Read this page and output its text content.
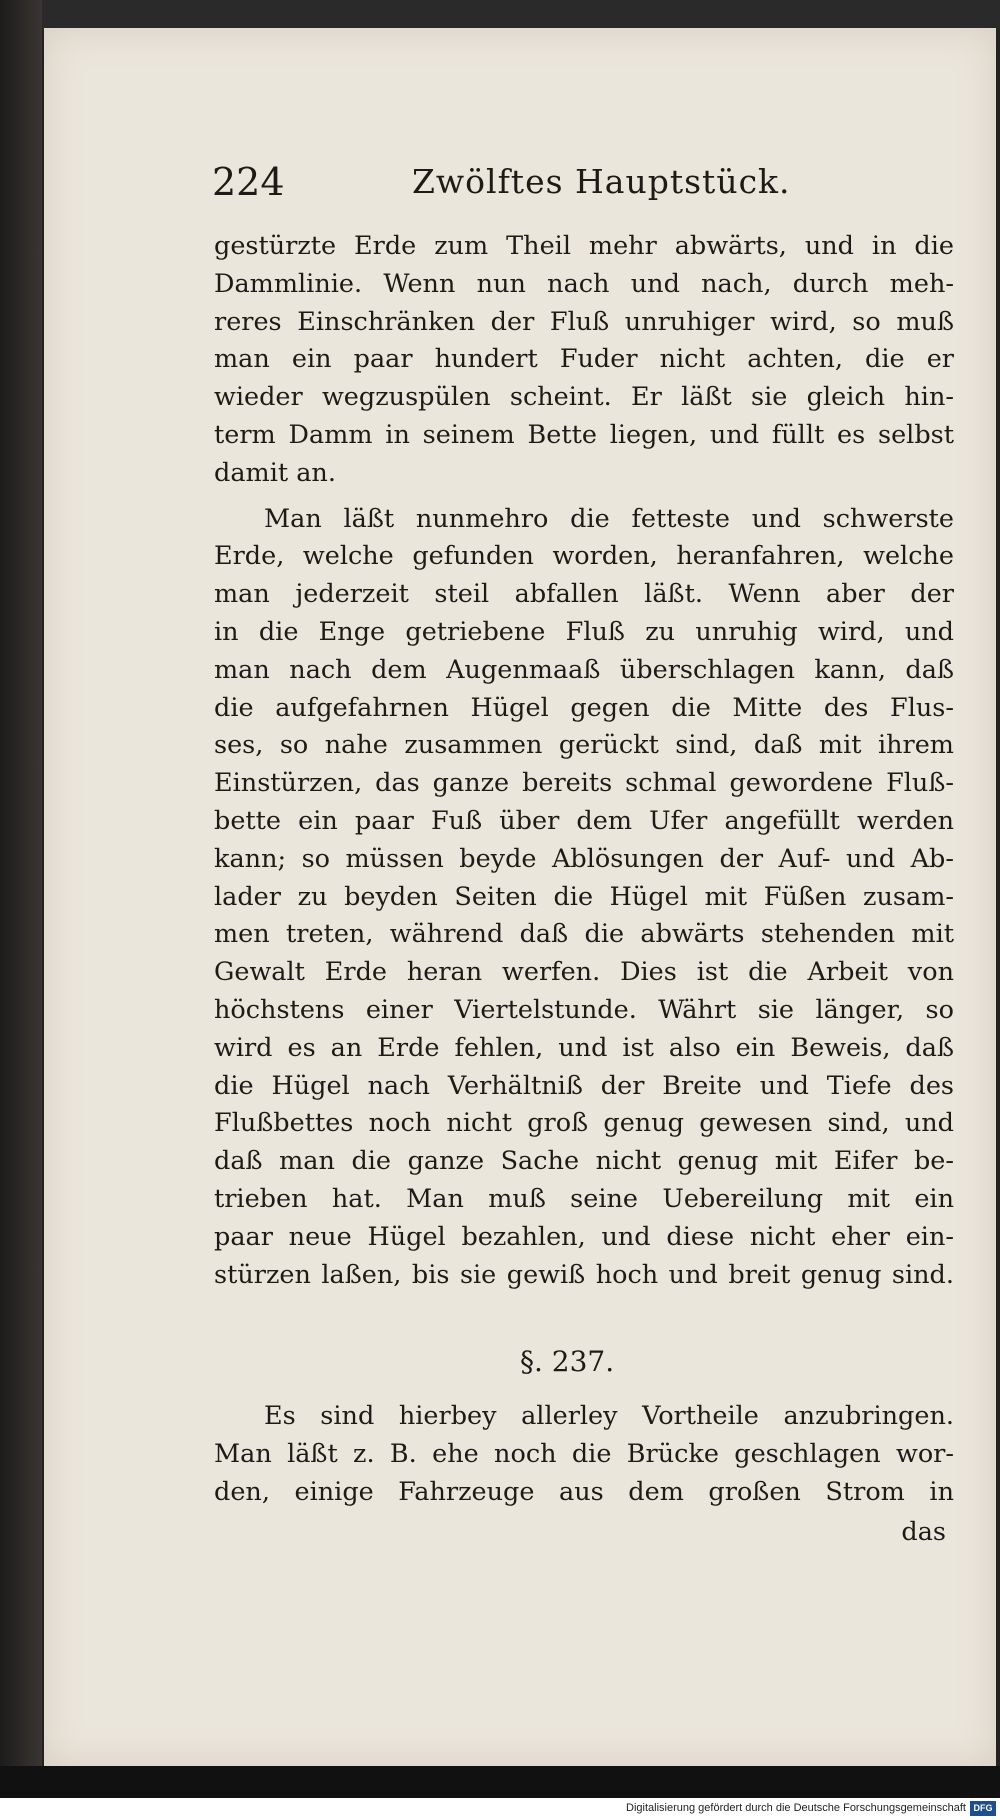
224	Zwölftes Hauptstück.
gestürzte Erde zum Theil mehr abwärts, und in die
Dammlinie. Wenn nun nach und nach, durch meh-
reres Einschränken der Fluß unruhiger wird, so muß
man ein paar hundert Fuder nicht achten, die er
wieder wegzuspülen scheint. Er läßt sie gleich hin-
term Damm in seinem Bette liegen, und füllt es selbst
damit an.
Man läßt nunmehro die fetteste und schwerste
Erde, welche gefunden worden, heranfahren, welche
man jederzeit steil abfallen läßt. Wenn aber der
in die Enge getriebene Fluß zu unruhig wird, und
man nach dem Augenmaaß überschlagen kann, daß
die aufgefahrnen Hügel gegen die Mitte des Flus-
ses, so nahe zusammen gerückt sind, daß mit ihrem
Einstürzen, das ganze bereits schmal gewordene Fluß-
bette ein paar Fuß über dem Ufer angefüllt werden
kann; so müssen beyde Ablösungen der Auf- und Ab-
lader zu beyden Seiten die Hügel mit Füßen zusam-
men treten, während daß die abwärts stehenden mit
Gewalt Erde heran werfen. Dies ist die Arbeit von
höchstens einer Viertelstunde. Währt sie länger, so
wird es an Erde fehlen, und ist also ein Beweis, daß
die Hügel nach Verhältniß der Breite und Tiefe des
Flußbettes noch nicht groß genug gewesen sind, und
daß man die ganze Sache nicht genug mit Eifer be-
trieben hat. Man muß seine Uebereilung mit ein
paar neue Hügel bezahlen, und diese nicht eher ein-
stürzen laßen, bis sie gewiß hoch und breit genug sind.
§. 237.
Es sind hierbey allerley Vortheile anzubringen.
Man läßt z. B. ehe noch die Brücke geschlagen wor-
den, einige Fahrzeuge aus dem großen Strom in
das
Digitalisierung gefördert durch die Deutsche Forschungsgemeinschaft DFG
